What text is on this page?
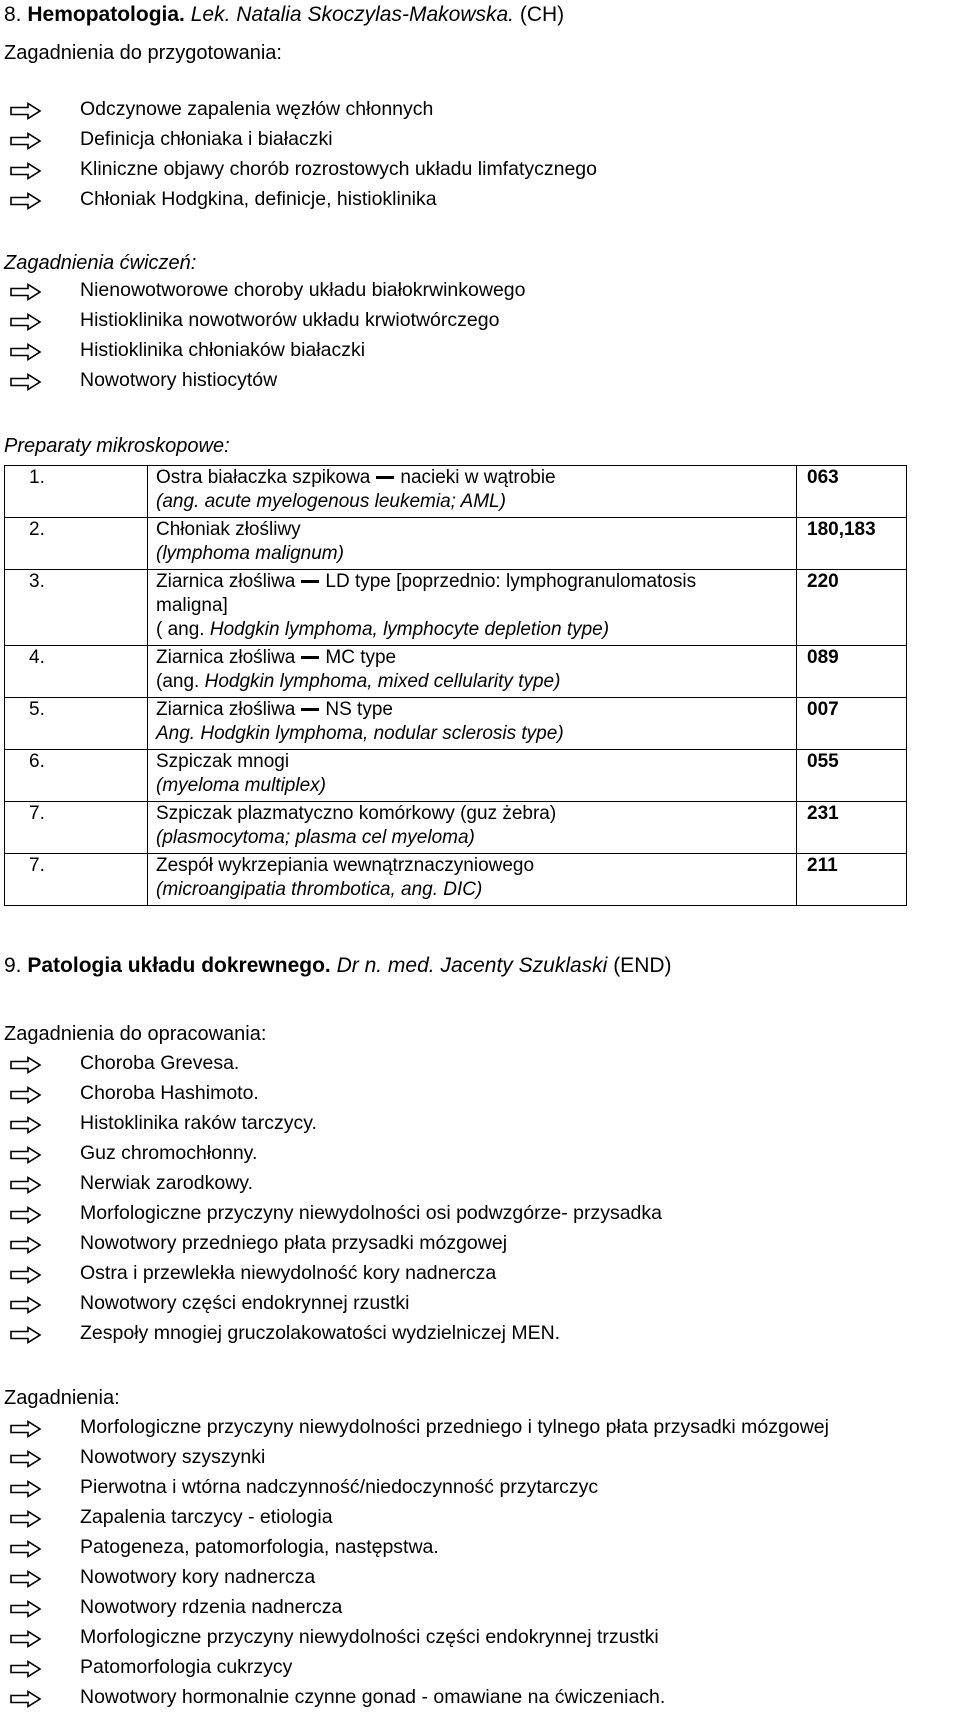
8. Hemopatologia. Lek. Natalia Skoczylas-Makowska. (CH)
Zagadnienia do przygotowania:
Odczynowe zapalenia węzłów chłonnych
Definicja chłoniaka i białaczki
Kliniczne objawy chorób rozrostowych układu limfatycznego
Chłoniak Hodgkina, definicje, histioklinika
Zagadnienia ćwiczeń:
Nienowotworowe choroby układu białokrwinkowego
Histioklinika nowotworów układu krwiotwórczego
Histioklinika chłoniaków białaczki
Nowotwory histiocytów
Preparaty mikroskopowe:
1.	Ostra białaczka szpikowa nacieki w wątrobie
(ang. acute myelogenous leukemia; AML)	063
2.	Chłoniak złośliwy
(lymphoma malignum)	180,183
3.	Ziarnica złośliwa LD type [poprzednio: lymphogranulomatosis
maligna]
( ang. Hodgkin lymphoma, lymphocyte depletion type)	220
4.	Ziarnica złośliwa MC type
(ang. Hodgkin lymphoma, mixed cellularity type)	089
5.	Ziarnica złośliwa NS type
Ang. Hodgkin lymphoma, nodular sclerosis type)	007
6.	Szpiczak mnogi
(myeloma multiplex)	055
7.	Szpiczak plazmatyczno komórkowy (guz żebra)
(plasmocytoma; plasma cel myeloma)	231
7.	Zespół wykrzepiania wewnątrznaczyniowego
(microangipatia thrombotica, ang. DIC)	211
9. Patologia układu dokrewnego. Dr n. med. Jacenty Szuklaski (END)
Zagadnienia do opracowania:
Choroba Grevesa.
Choroba Hashimoto.
Histoklinika raków tarczycy.
Guz chromochłonny.
Nerwiak zarodkowy.
Morfologiczne przyczyny niewydolności osi podwzgórze- przysadka
Nowotwory przedniego płata przysadki mózgowej
Ostra i przewlekła niewydolność kory nadnercza
Nowotwory części endokrynnej rzustki
Zespoły mnogiej gruczolakowatości wydzielniczej MEN.
Zagadnienia:
Morfologiczne przyczyny niewydolności przedniego i tylnego płata przysadki mózgowej
Nowotwory szyszynki
Pierwotna i wtórna nadczynność/niedoczynność przytarczyc
Zapalenia tarczycy - etiologia
Patogeneza, patomorfologia, następstwa.
Nowotwory kory nadnercza
Nowotwory rdzenia nadnercza
Morfologiczne przyczyny niewydolności części endokrynnej trzustki
Patomorfologia cukrzycy
Nowotwory hormonalnie czynne gonad - omawiane na ćwiczeniach.
